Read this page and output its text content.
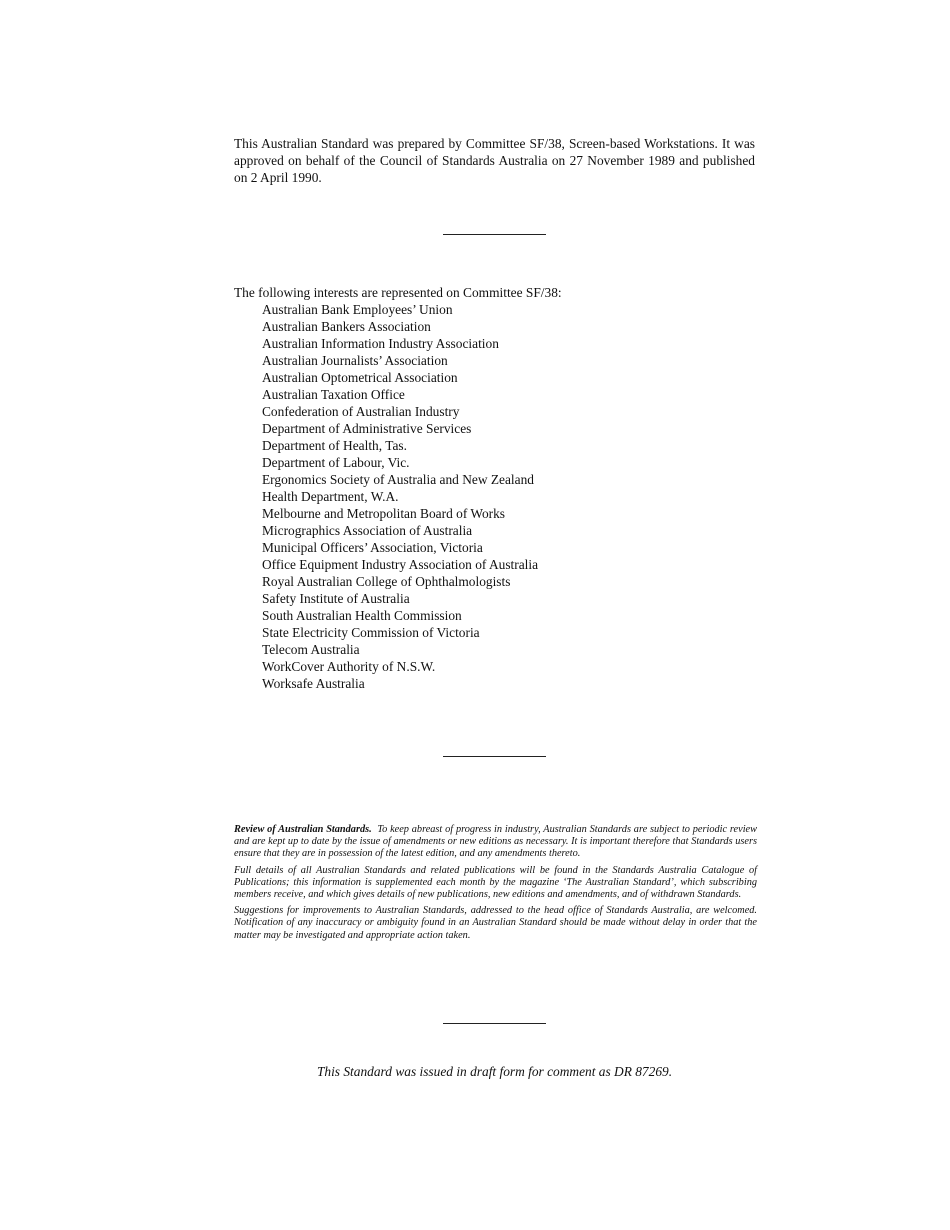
This Australian Standard was prepared by Committee SF/38, Screen-based Workstations. It was approved on behalf of the Council of Standards Australia on 27 November 1989 and published on 2 April 1990.

The following interests are represented on Committee SF/38:

Australian Bank Employees’ Union
Australian Bankers Association
Australian Information Industry Association
Australian Journalists’ Association
Australian Optometrical Association
Australian Taxation Office
Confederation of Australian Industry
Department of Administrative Services
Department of Health, Tas.
Department of Labour, Vic.
Ergonomics Society of Australia and New Zealand
Health Department, W.A.
Melbourne and Metropolitan Board of Works
Micrographics Association of Australia
Municipal Officers’ Association, Victoria
Office Equipment Industry Association of Australia
Royal Australian College of Ophthalmologists
Safety Institute of Australia
South Australian Health Commission
State Electricity Commission of Victoria
Telecom Australia
WorkCover Authority of N.S.W.
Worksafe Australia

Review of Australian Standards. To keep abreast of progress in industry, Australian Standards are subject to periodic review and are kept up to date by the issue of amendments or new editions as necessary. It is important therefore that Standards users ensure that they are in possession of the latest edition, and any amendments thereto.

Full details of all Australian Standards and related publications will be found in the Standards Australia Catalogue of Publications; this information is supplemented each month by the magazine ‘The Australian Standard’, which subscribing members receive, and which gives details of new publications, new editions and amendments, and of withdrawn Standards.

Suggestions for improvements to Australian Standards, addressed to the head office of Standards Australia, are welcomed. Notification of any inaccuracy or ambiguity found in an Australian Standard should be made without delay in order that the matter may be investigated and appropriate action taken.

This Standard was issued in draft form for comment as DR 87269.
